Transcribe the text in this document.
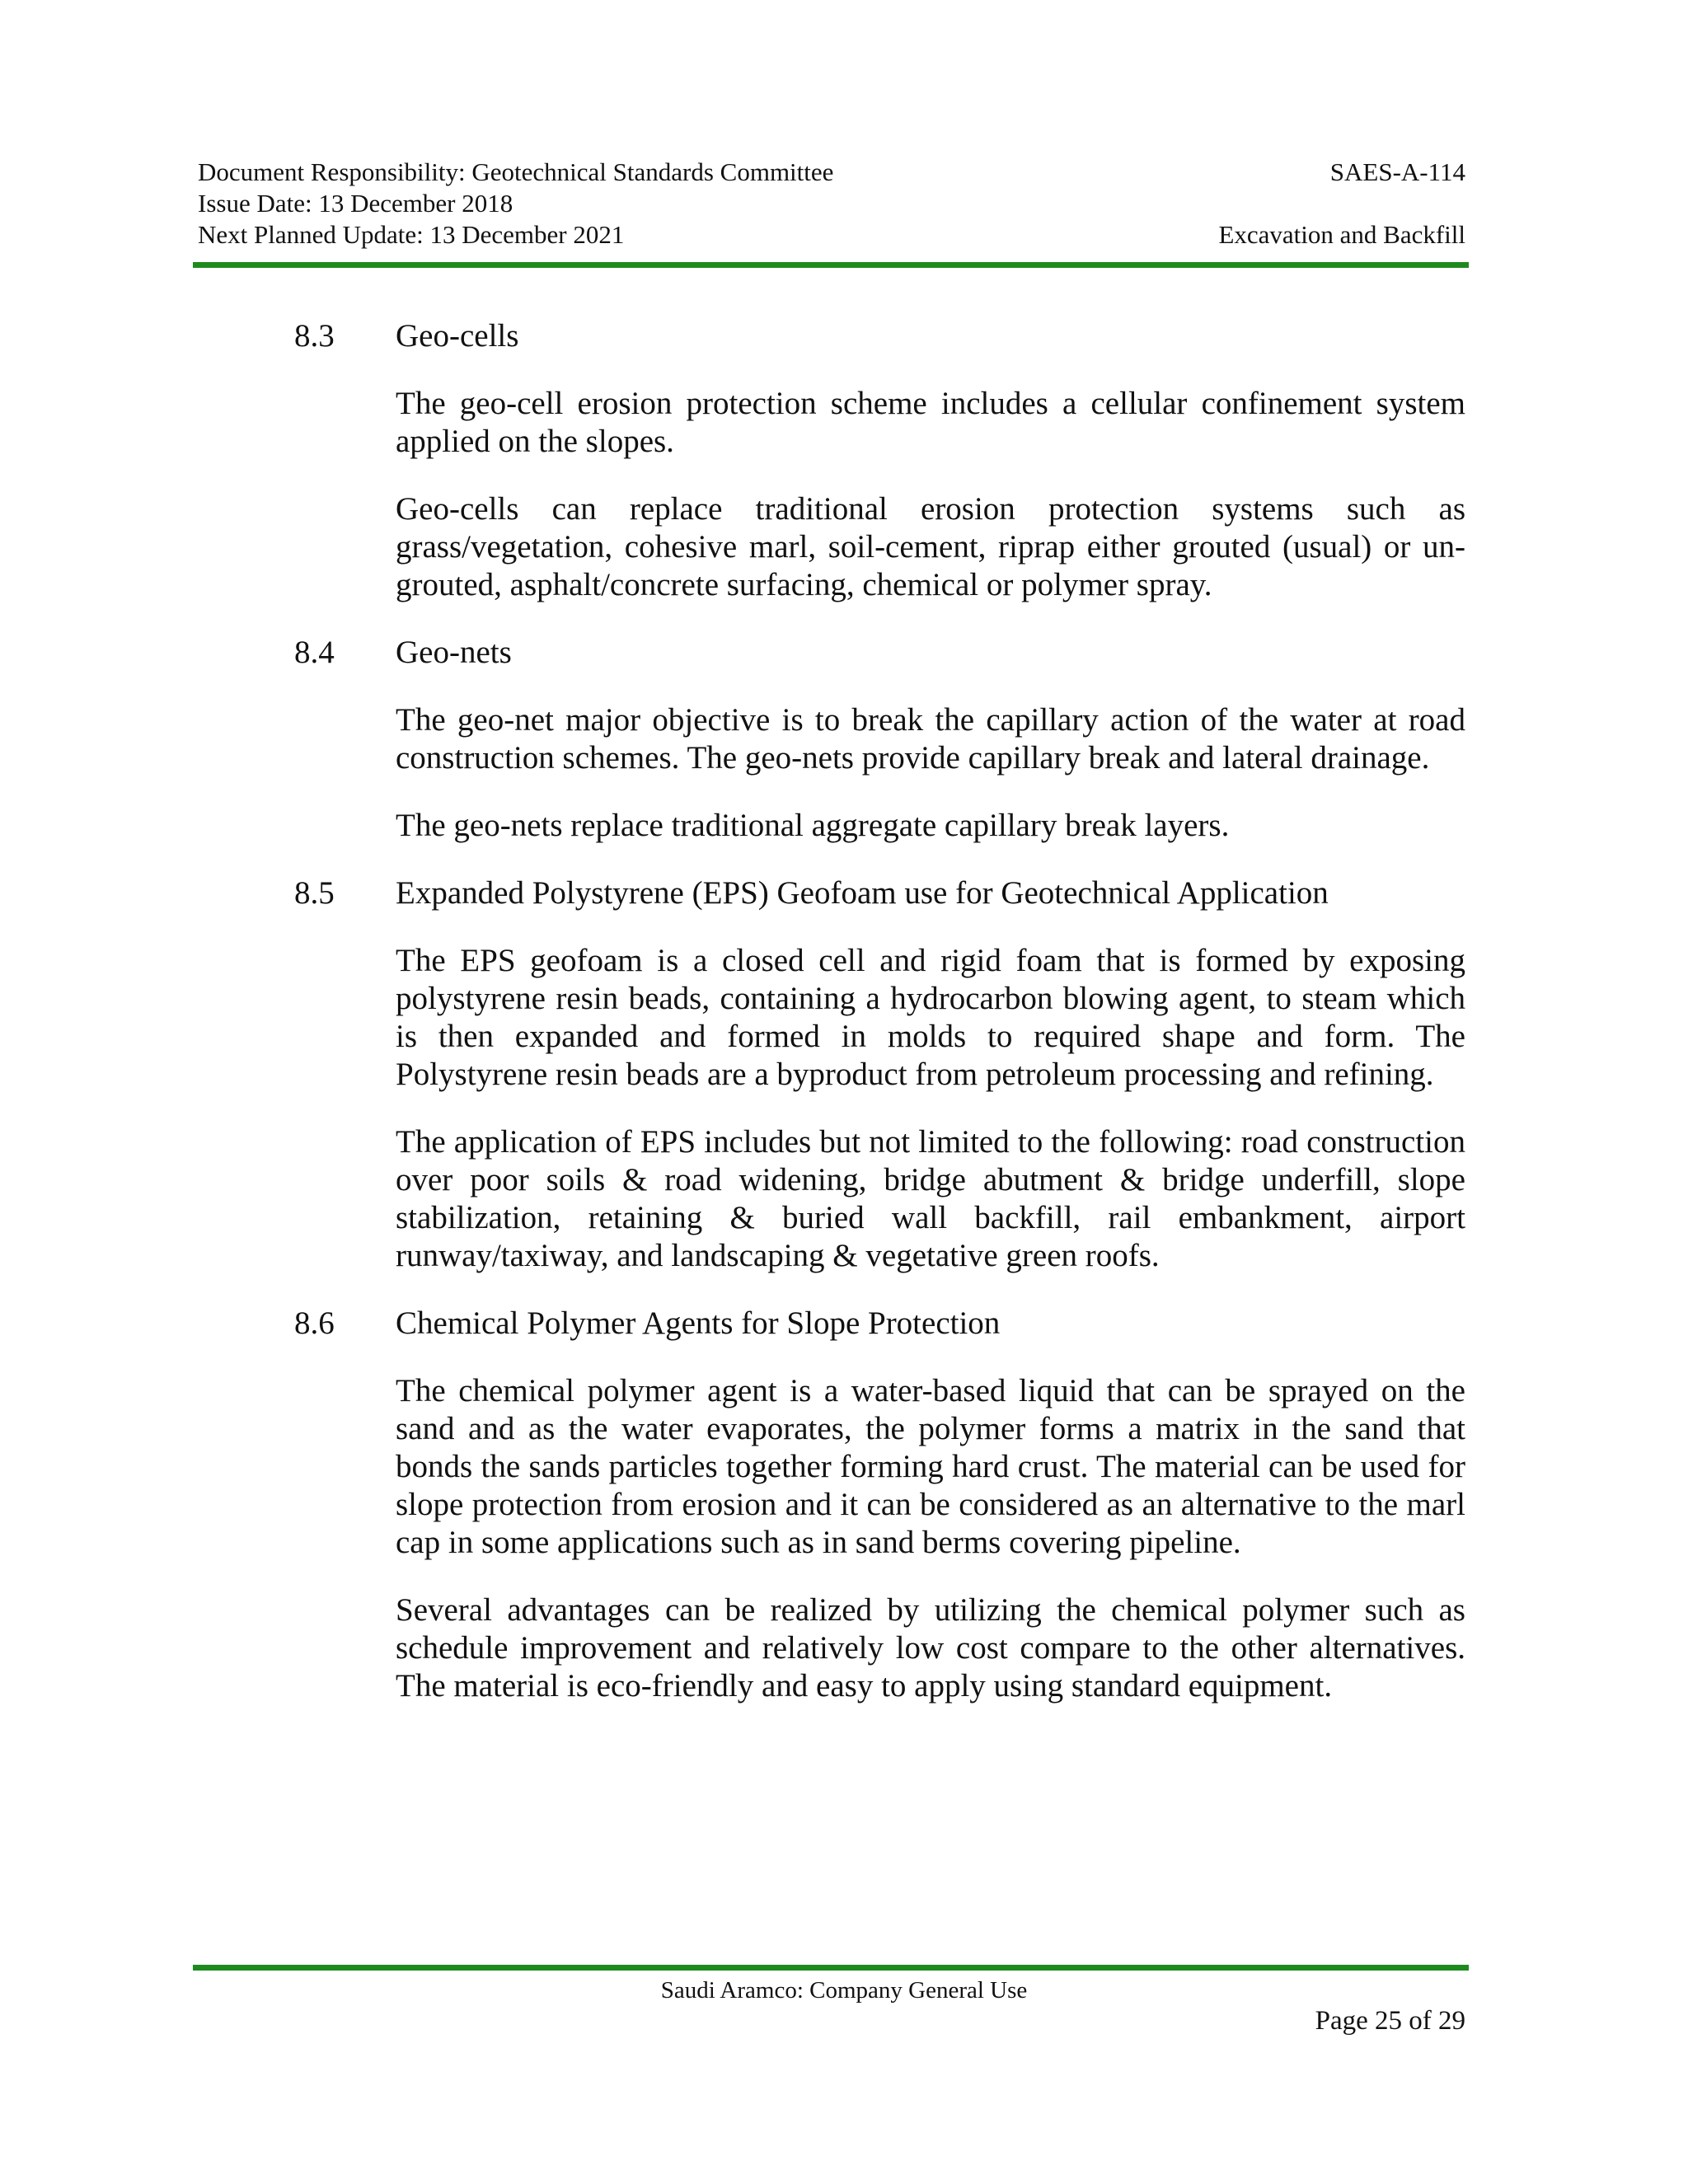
Document Responsibility: Geotechnical Standards Committee	SAES-A-114
Issue Date: 13 December 2018
Next Planned Update: 13 December 2021	Excavation and Backfill
8.3	Geo-cells

The geo-cell erosion protection scheme includes a cellular confinement system applied on the slopes.

Geo-cells can replace traditional erosion protection systems such as grass/vegetation, cohesive marl, soil-cement, riprap either grouted (usual) or un-grouted, asphalt/concrete surfacing, chemical or polymer spray.

8.4	Geo-nets

The geo-net major objective is to break the capillary action of the water at road construction schemes. The geo-nets provide capillary break and lateral drainage.

The geo-nets replace traditional aggregate capillary break layers.

8.5	Expanded Polystyrene (EPS) Geofoam use for Geotechnical Application

The EPS geofoam is a closed cell and rigid foam that is formed by exposing polystyrene resin beads, containing a hydrocarbon blowing agent, to steam which is then expanded and formed in molds to required shape and form. The Polystyrene resin beads are a byproduct from petroleum processing and refining.

The application of EPS includes but not limited to the following: road construction over poor soils & road widening, bridge abutment & bridge underfill, slope stabilization, retaining & buried wall backfill, rail embankment, airport runway/taxiway, and landscaping & vegetative green roofs.

8.6	Chemical Polymer Agents for Slope Protection

The chemical polymer agent is a water-based liquid that can be sprayed on the sand and as the water evaporates, the polymer forms a matrix in the sand that bonds the sands particles together forming hard crust. The material can be used for slope protection from erosion and it can be considered as an alternative to the marl cap in some applications such as in sand berms covering pipeline.

Several advantages can be realized by utilizing the chemical polymer such as schedule improvement and relatively low cost compare to the other alternatives. The material is eco-friendly and easy to apply using standard equipment.

Saudi Aramco: Company General Use
Page 25 of 29
